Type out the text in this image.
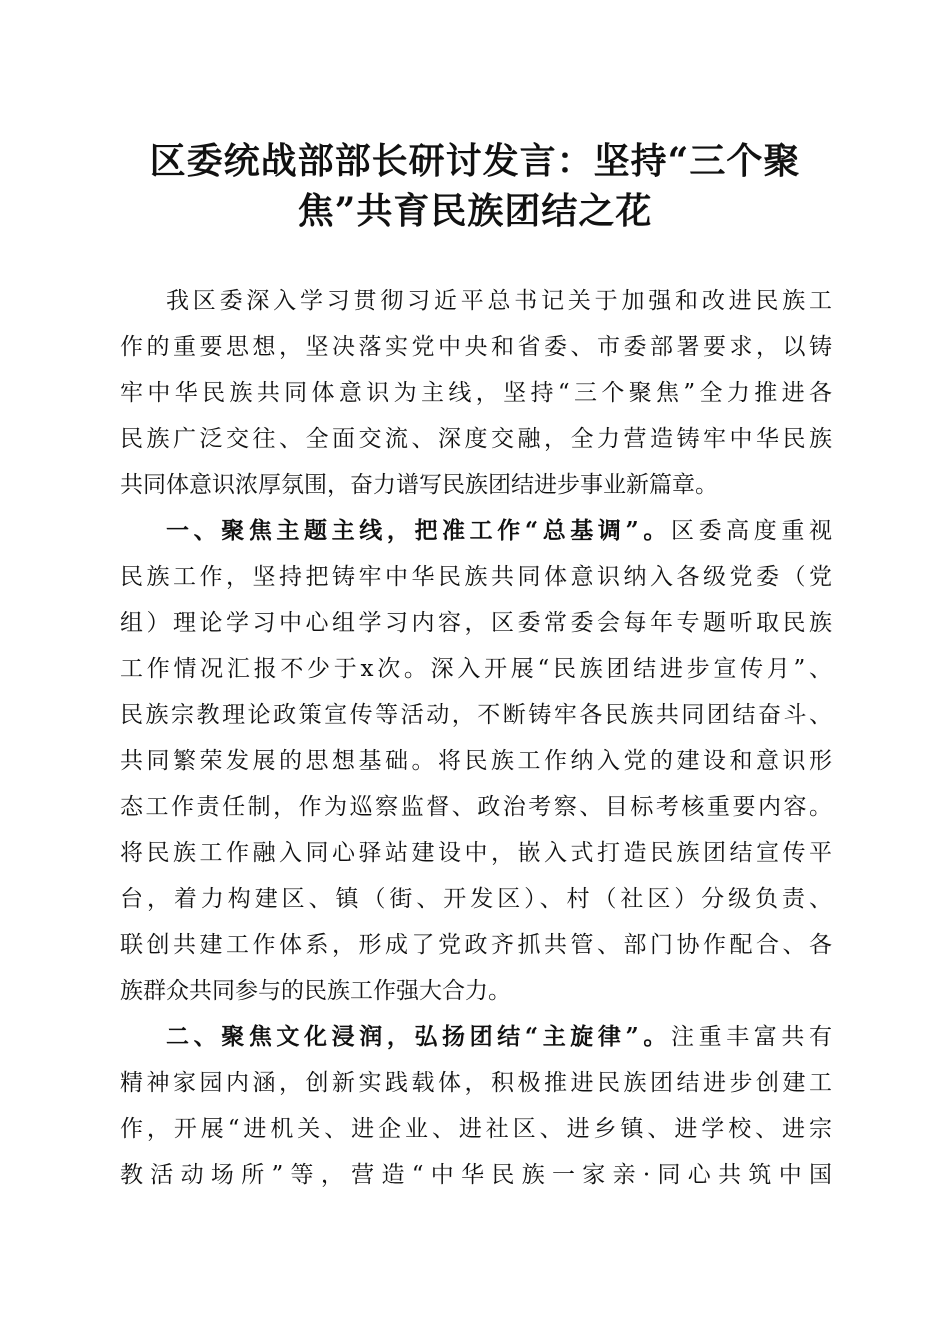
区委统战部部长研讨发言：坚持“三个聚
焦”共育民族团结之花
我区委深入学习贯彻习近平总书记关于加强和改进民族工
作的重要思想，坚决落实党中央和省委、市委部署要求，以铸
牢中华民族共同体意识为主线，坚持“三个聚焦”全力推进各
民族广泛交往、全面交流、深度交融，全力营造铸牢中华民族
共同体意识浓厚氛围，奋力谱写民族团结进步事业新篇章。
一、聚焦主题主线，把准工作“总基调”。区委高度重视
民族工作，坚持把铸牢中华民族共同体意识纳入各级党委（党
组）理论学习中心组学习内容，区委常委会每年专题听取民族
工作情况汇报不少于x次。深入开展“民族团结进步宣传月”、
民族宗教理论政策宣传等活动，不断铸牢各民族共同团结奋斗、
共同繁荣发展的思想基础。将民族工作纳入党的建设和意识形
态工作责任制，作为巡察监督、政治考察、目标考核重要内容。
将民族工作融入同心驿站建设中，嵌入式打造民族团结宣传平
台，着力构建区、镇（街、开发区）、村（社区）分级负责、
联创共建工作体系，形成了党政齐抓共管、部门协作配合、各
族群众共同参与的民族工作强大合力。
二、聚焦文化浸润，弘扬团结“主旋律”。注重丰富共有
精神家园内涵，创新实践载体，积极推进民族团结进步创建工
作，开展“进机关、进企业、进社区、进乡镇、进学校、进宗
教活动场所”等，营造“中华民族一家亲·同心共筑中国
